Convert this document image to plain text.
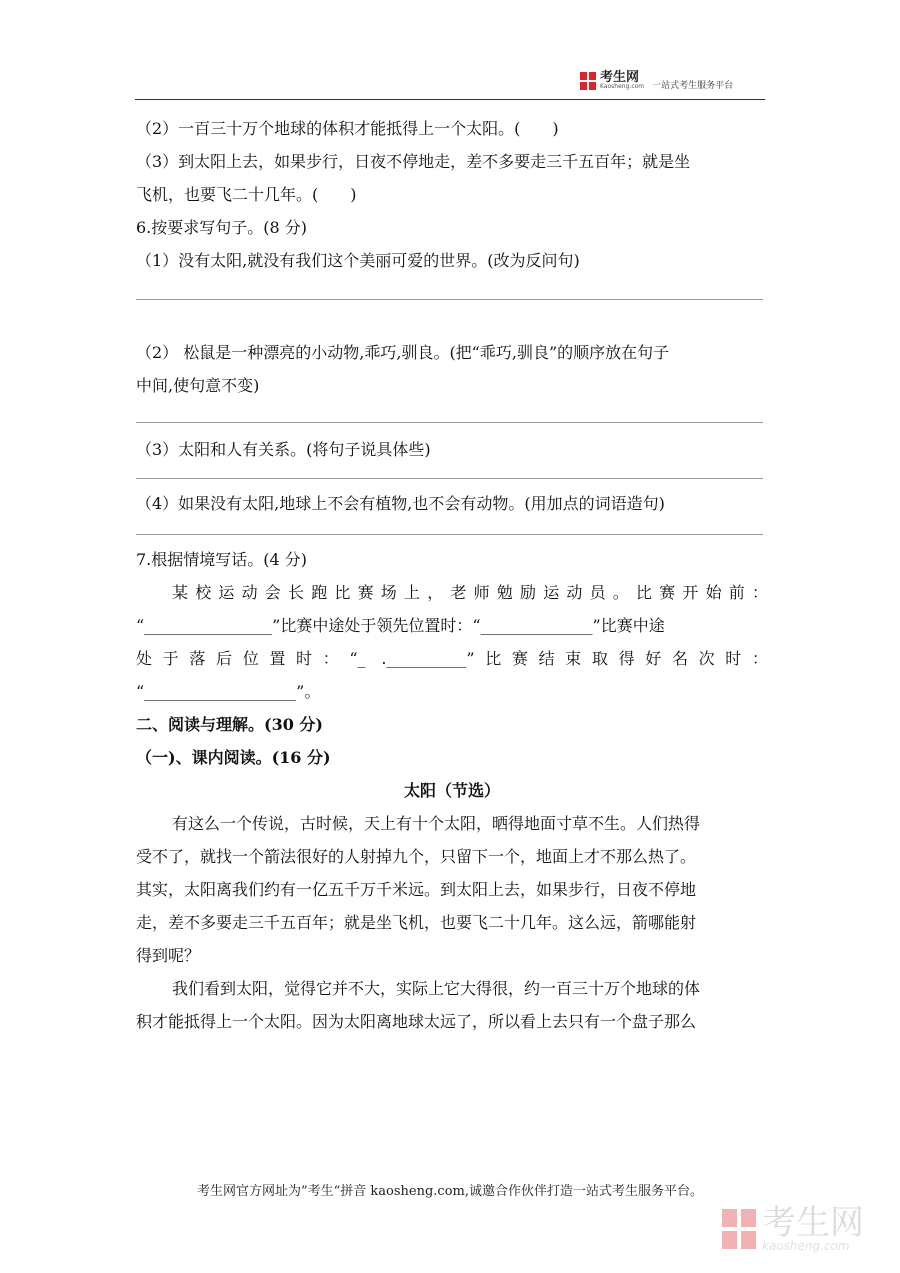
考生网
Kaosheng.com 一站式考生服务平台
（2）一百三十万个地球的体积才能抵得上一个太阳。(　　)
（3）到太阳上去，如果步行，日夜不停地走，差不多要走三千五百年；就是坐
飞机，也要飞二十几年。(　　)
6.按要求写句子。(8 分)
（1）没有太阳,就没有我们这个美丽可爱的世界。(改为反问句)
（2） 松鼠是一种漂亮的小动物,乖巧,驯良。(把“乖巧,驯良”的顺序放在句子
中间,使句意不变)
（3）太阳和人有关系。(将句子说具体些)
（4）如果没有太阳,地球上不会有植物,也不会有动物。(用加点的词语造句)
7.根据情境写话。(4 分)
某校运动会长跑比赛场上，老师勉励运动员。比赛开始前：
“________________”比赛中途处于领先位置时：“______________”比赛中途
处于落后位置时：“_ .__________”比赛结束取得好名次时：
“___________________”。
二、阅读与理解。(30 分)
（一)、课内阅读。(16 分)
太阳（节选）
有这么一个传说，古时候，天上有十个太阳，晒得地面寸草不生。人们热得
受不了，就找一个箭法很好的人射掉九个，只留下一个，地面上才不那么热了。
其实，太阳离我们约有一亿五千万千米远。到太阳上去，如果步行，日夜不停地
走，差不多要走三千五百年；就是坐飞机，也要飞二十几年。这么远，箭哪能射
得到呢？
我们看到太阳，觉得它并不大，实际上它大得很，约一百三十万个地球的体
积才能抵得上一个太阳。因为太阳离地球太远了，所以看上去只有一个盘子那么
考生网官方网址为”考生“拼音 kaosheng.com,诚邀合作伙伴打造一站式考生服务平台。
考生网
kaosheng.com
